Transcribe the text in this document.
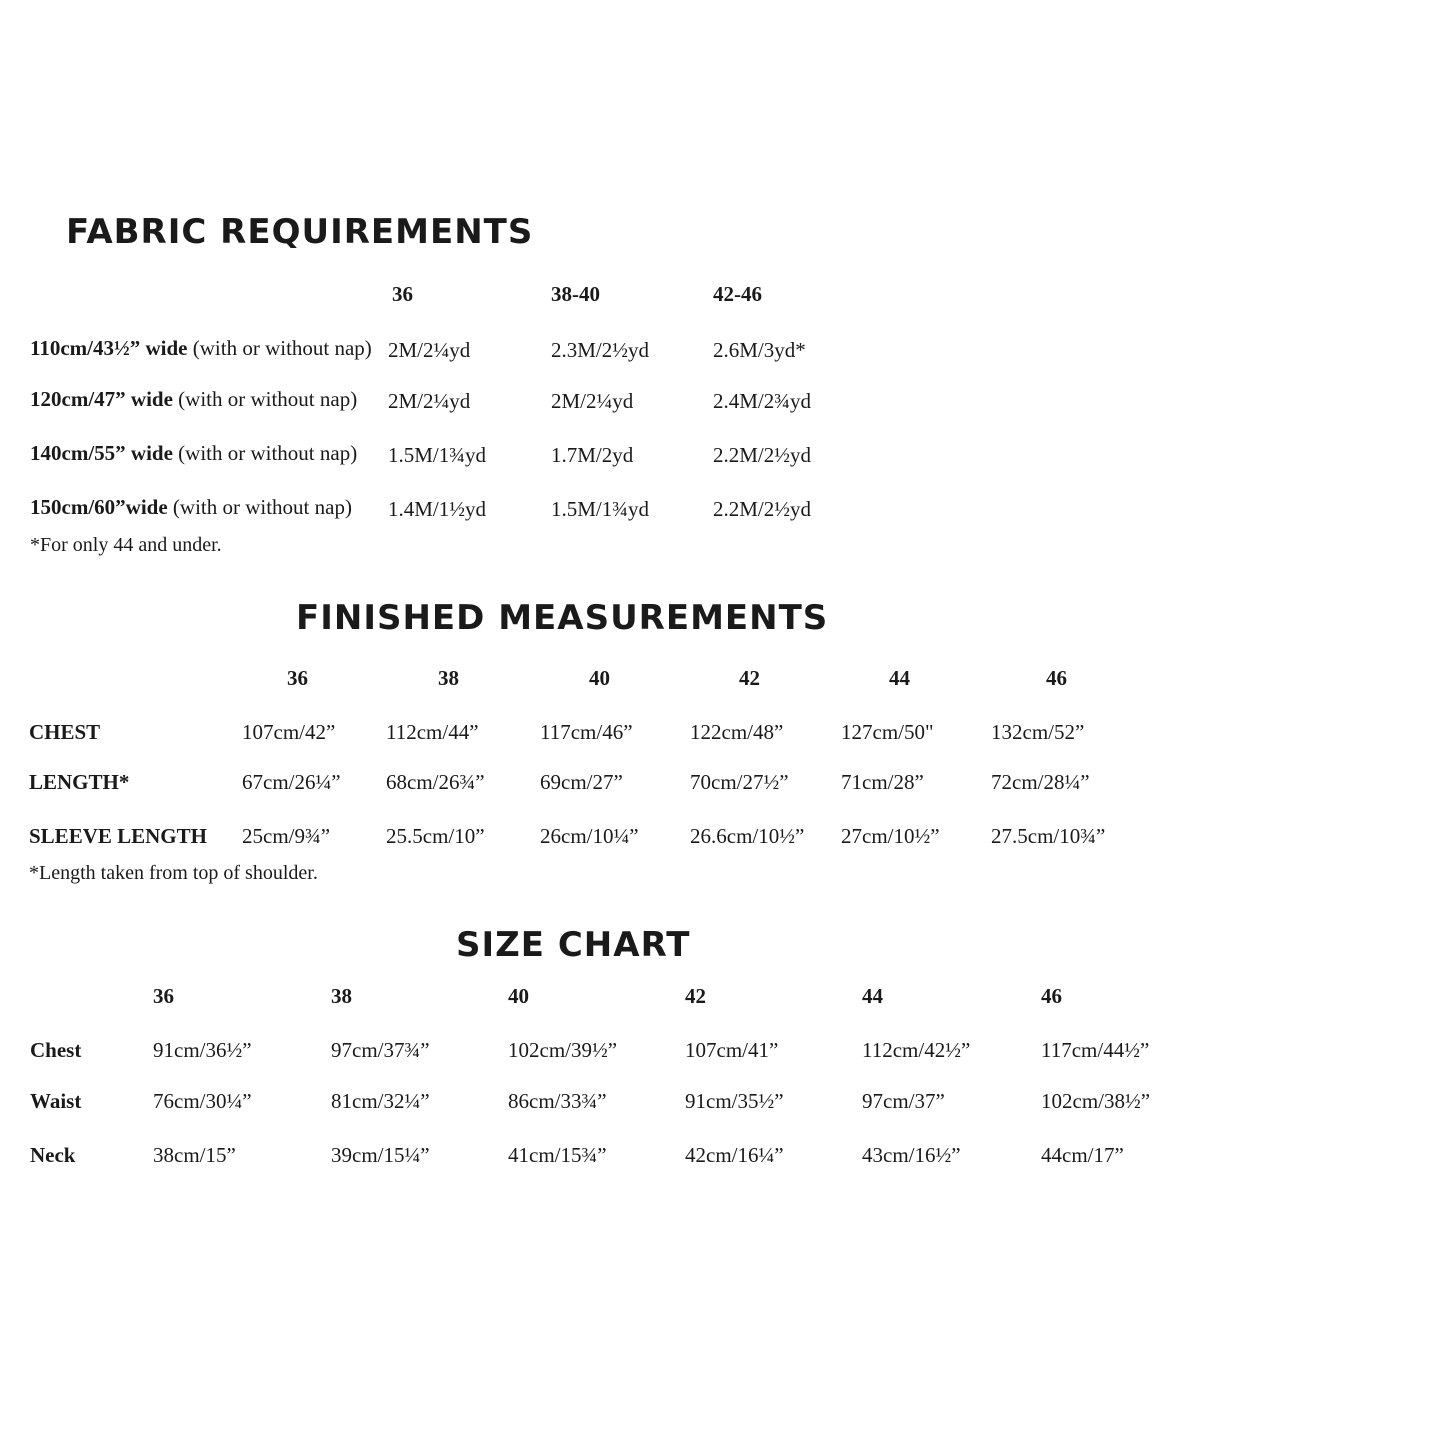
FABRIC REQUIREMENTS
36	38-40	42-46
110cm/43½” wide (with or without nap) 2M/2¼yd	2.3M/2½yd	2.6M/3yd*
120cm/47” wide (with or without nap) 2M/2¼yd	2M/2¼yd	2.4M/2¾yd
140cm/55” wide (with or without nap) 1.5M/1¾yd	1.7M/2yd	2.2M/2½yd
150cm/60”wide (with or without nap) 1.4M/1½yd	1.5M/1¾yd	2.2M/2½yd
*For only 44 and under.
FINISHED MEASUREMENTS
36	38	40	42	44	46
CHEST	107cm/42” 112cm/44”	117cm/46”	122cm/48”	127cm/50"	132cm/52”
LENGTH*	67cm/26¼” 68cm/26¾”	69cm/27”	70cm/27½” 71cm/28”	72cm/28¼”
SLEEVE LENGTH 25cm/9¾”	25.5cm/10”	26cm/10¼” 26.6cm/10½” 27cm/10½” 27.5cm/10¾”
*Length taken from top of shoulder.
SIZE CHART
36	38	40	42	44	46
Chest	91cm/36½”	97cm/37¾”	102cm/39½”	107cm/41”	112cm/42½”	117cm/44½”
Waist	76cm/30¼”	81cm/32¼”	86cm/33¾”	91cm/35½”	97cm/37”	102cm/38½”
Neck	38cm/15”	39cm/15¼”	41cm/15¾”	42cm/16¼”	43cm/16½”	44cm/17”
